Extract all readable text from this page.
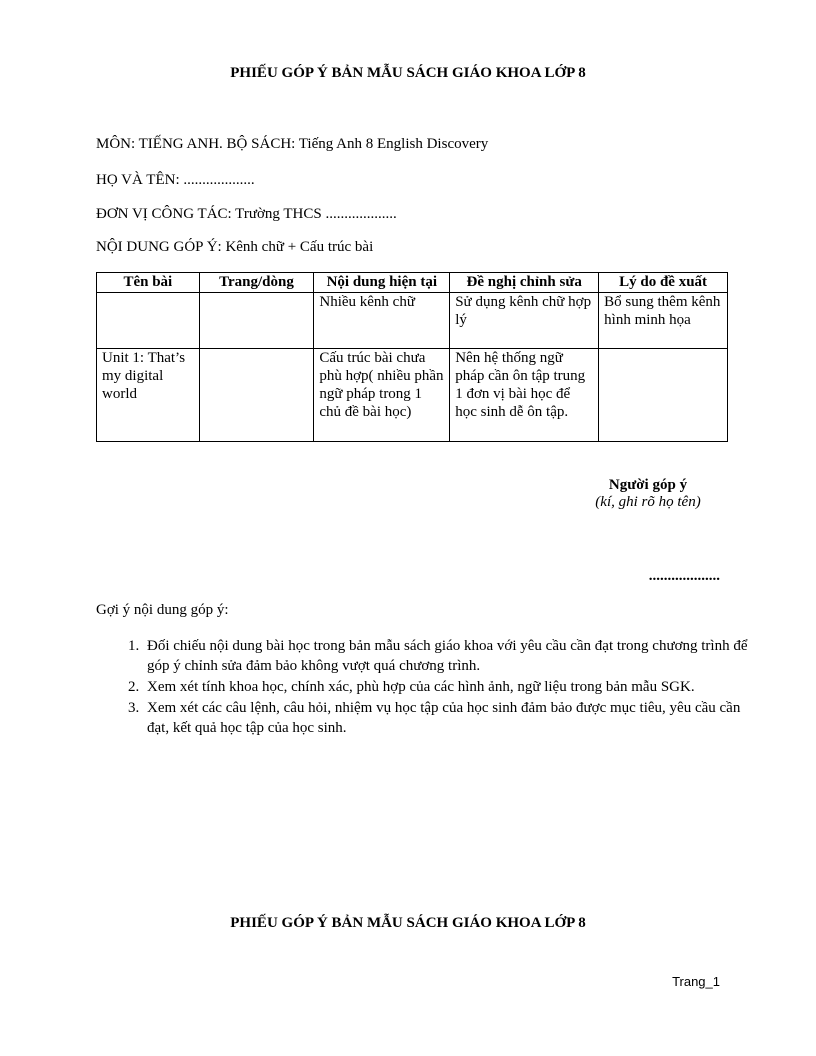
PHIẾU GÓP Ý BẢN MẪU SÁCH GIÁO KHOA LỚP 8

MÔN: TIẾNG ANH. BỘ SÁCH: Tiếng Anh 8 English Discovery

HỌ VÀ TÊN: ...................

ĐƠN VỊ CÔNG TÁC: Trường THCS ...................

NỘI DUNG GÓP Ý: Kênh chữ + Cấu trúc bài

Tên bài	Trang/dòng	Nội dung hiện tại	Đề nghị chỉnh sửa	Lý do đề xuất
		Nhiều kênh chữ	Sử dụng kênh chữ hợp lý	Bổ sung thêm kênh hình minh họa
Unit 1: That’s my digital world		Cấu trúc bài chưa phù hợp( nhiều phần ngữ pháp trong 1 chủ đề bài học)	Nên hệ thống ngữ pháp cần ôn tập trung 1 đơn vị bài học để học sinh dễ ôn tập.	

Người góp ý

(kí, ghi rõ họ tên)

...................

Gợi ý nội dung góp ý:

1. Đối chiếu nội dung bài học trong bản mẫu sách giáo khoa với yêu cầu cần đạt trong chương trình để góp ý chỉnh sửa đảm bảo không vượt quá chương trình.
2. Xem xét tính khoa học, chính xác, phù hợp của các hình ảnh, ngữ liệu trong bản mẫu SGK.
3. Xem xét các câu lệnh, câu hỏi, nhiệm vụ học tập của học sinh đảm bảo được mục tiêu, yêu cầu cần đạt, kết quả học tập của học sinh.
PHIẾU GÓP Ý BẢN MẪU SÁCH GIÁO KHOA LỚP 8

Trang_1
